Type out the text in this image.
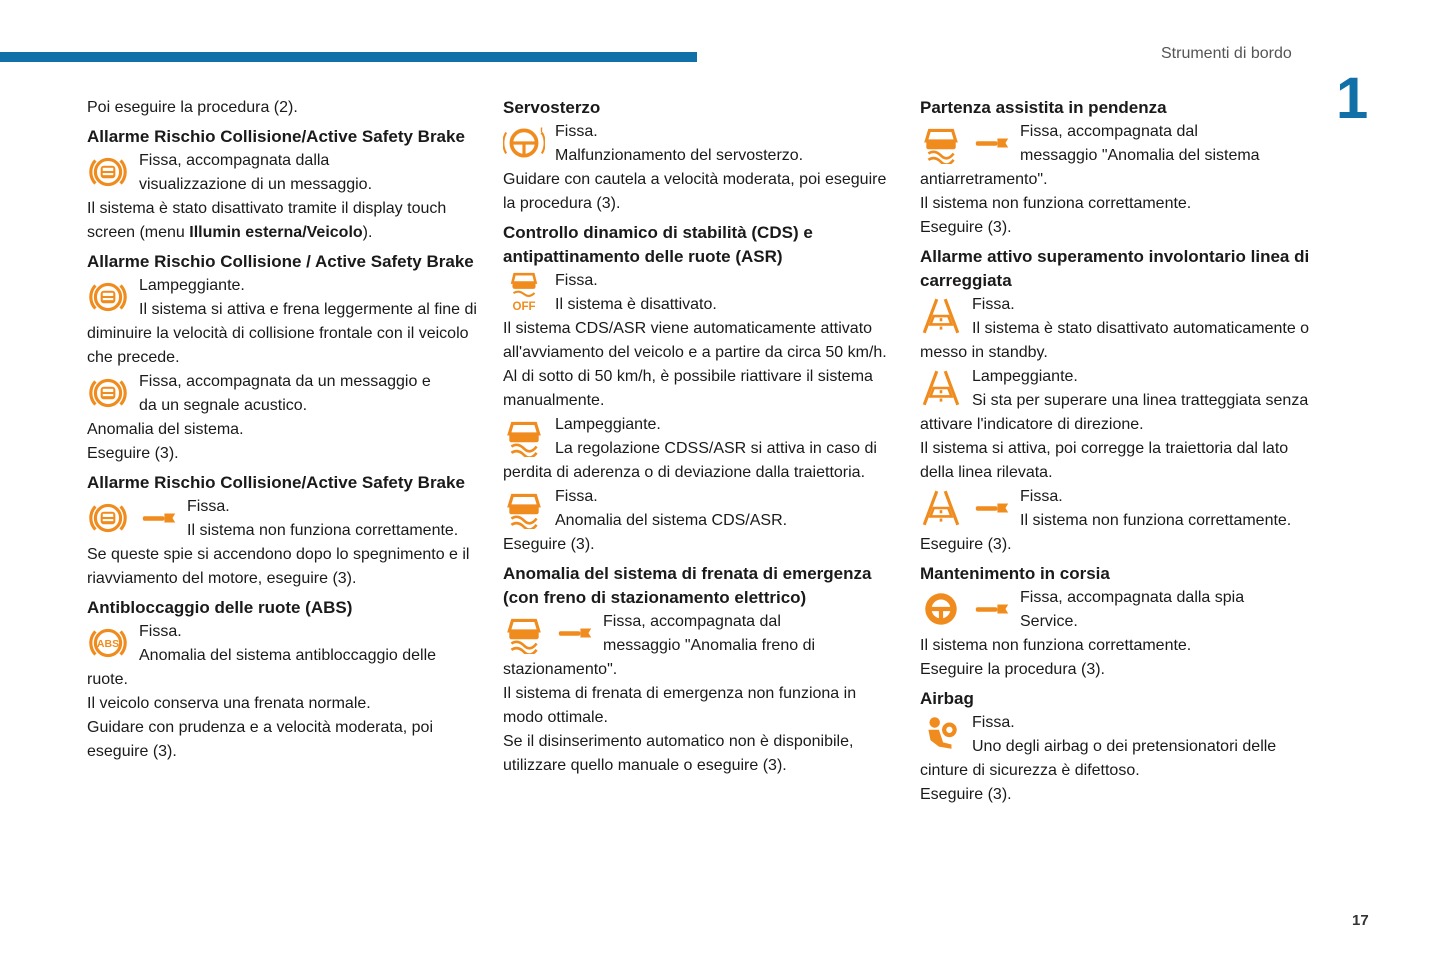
Strumenti di bordo
1
17

Poi eseguire la procedura (2).

Allarme Rischio Collisione/Active Safety Brake
Fissa, accompagnata dalla
visualizzazione di un messaggio.

Il sistema è stato disattivato tramite il display touch screen (menu Illumin esterna/Veicolo).

Allarme Rischio Collisione / Active Safety Brake
Lampeggiante.
Il sistema si attiva e frena leggermente al fine di diminuire la velocità di collisione frontale con il veicolo che precede.
Fissa, accompagnata da un messaggio e
da un segnale acustico.

Anomalia del sistema.

Eseguire (3).

Allarme Rischio Collisione/Active Safety Brake
Fissa.
Il sistema non funziona correttamente.

Se queste spie si accendono dopo lo spegnimento e il riavviamento del motore, eseguire (3).

Antibloccaggio delle ruote (ABS)
Fissa.
Anomalia del sistema antibloccaggio delle ruote.

Il veicolo conserva una frenata normale.

Guidare con prudenza e a velocità moderata, poi eseguire (3).

Servosterzo
Fissa.
Malfunzionamento del servosterzo.

Guidare con cautela a velocità moderata, poi eseguire la procedura (3).

Controllo dinamico di stabilità (CDS) e antipattinamento delle ruote (ASR)
Fissa.
Il sistema è disattivato.

Il sistema CDS/ASR viene automaticamente attivato all'avviamento del veicolo e a partire da circa 50 km/h.

Al di sotto di 50 km/h, è possibile riattivare il sistema manualmente.

Lampeggiante.
La regolazione CDSS/ASR si attiva in caso di perdita di aderenza o di deviazione dalla traiettoria.
Fissa.
Anomalia del sistema CDS/ASR.

Eseguire (3).

Anomalia del sistema di frenata di emergenza (con freno di stazionamento elettrico)
Fissa, accompagnata dal
messaggio "Anomalia freno di stazionamento".

Il sistema di frenata di emergenza non funziona in modo ottimale.

Se il disinserimento automatico non è disponibile, utilizzare quello manuale o eseguire (3).

Partenza assistita in pendenza
Fissa, accompagnata dal
messaggio "Anomalia del sistema antiarretramento".

Il sistema non funziona correttamente.

Eseguire (3).

Allarme attivo superamento involontario linea di carreggiata
Fissa.
Il sistema è stato disattivato automaticamente o messo in standby.
Lampeggiante.
Si sta per superare una linea tratteggiata senza attivare l'indicatore di direzione.

Il sistema si attiva, poi corregge la traiettoria dal lato della linea rilevata.

Fissa.
Il sistema non funziona correttamente.

Eseguire (3).

Mantenimento in corsia
Fissa, accompagnata dalla spia
Service.

Il sistema non funziona correttamente.

Eseguire la procedura (3).

Airbag
Fissa.
Uno degli airbag o dei pretensionatori delle cinture di sicurezza è difettoso.

Eseguire (3).
